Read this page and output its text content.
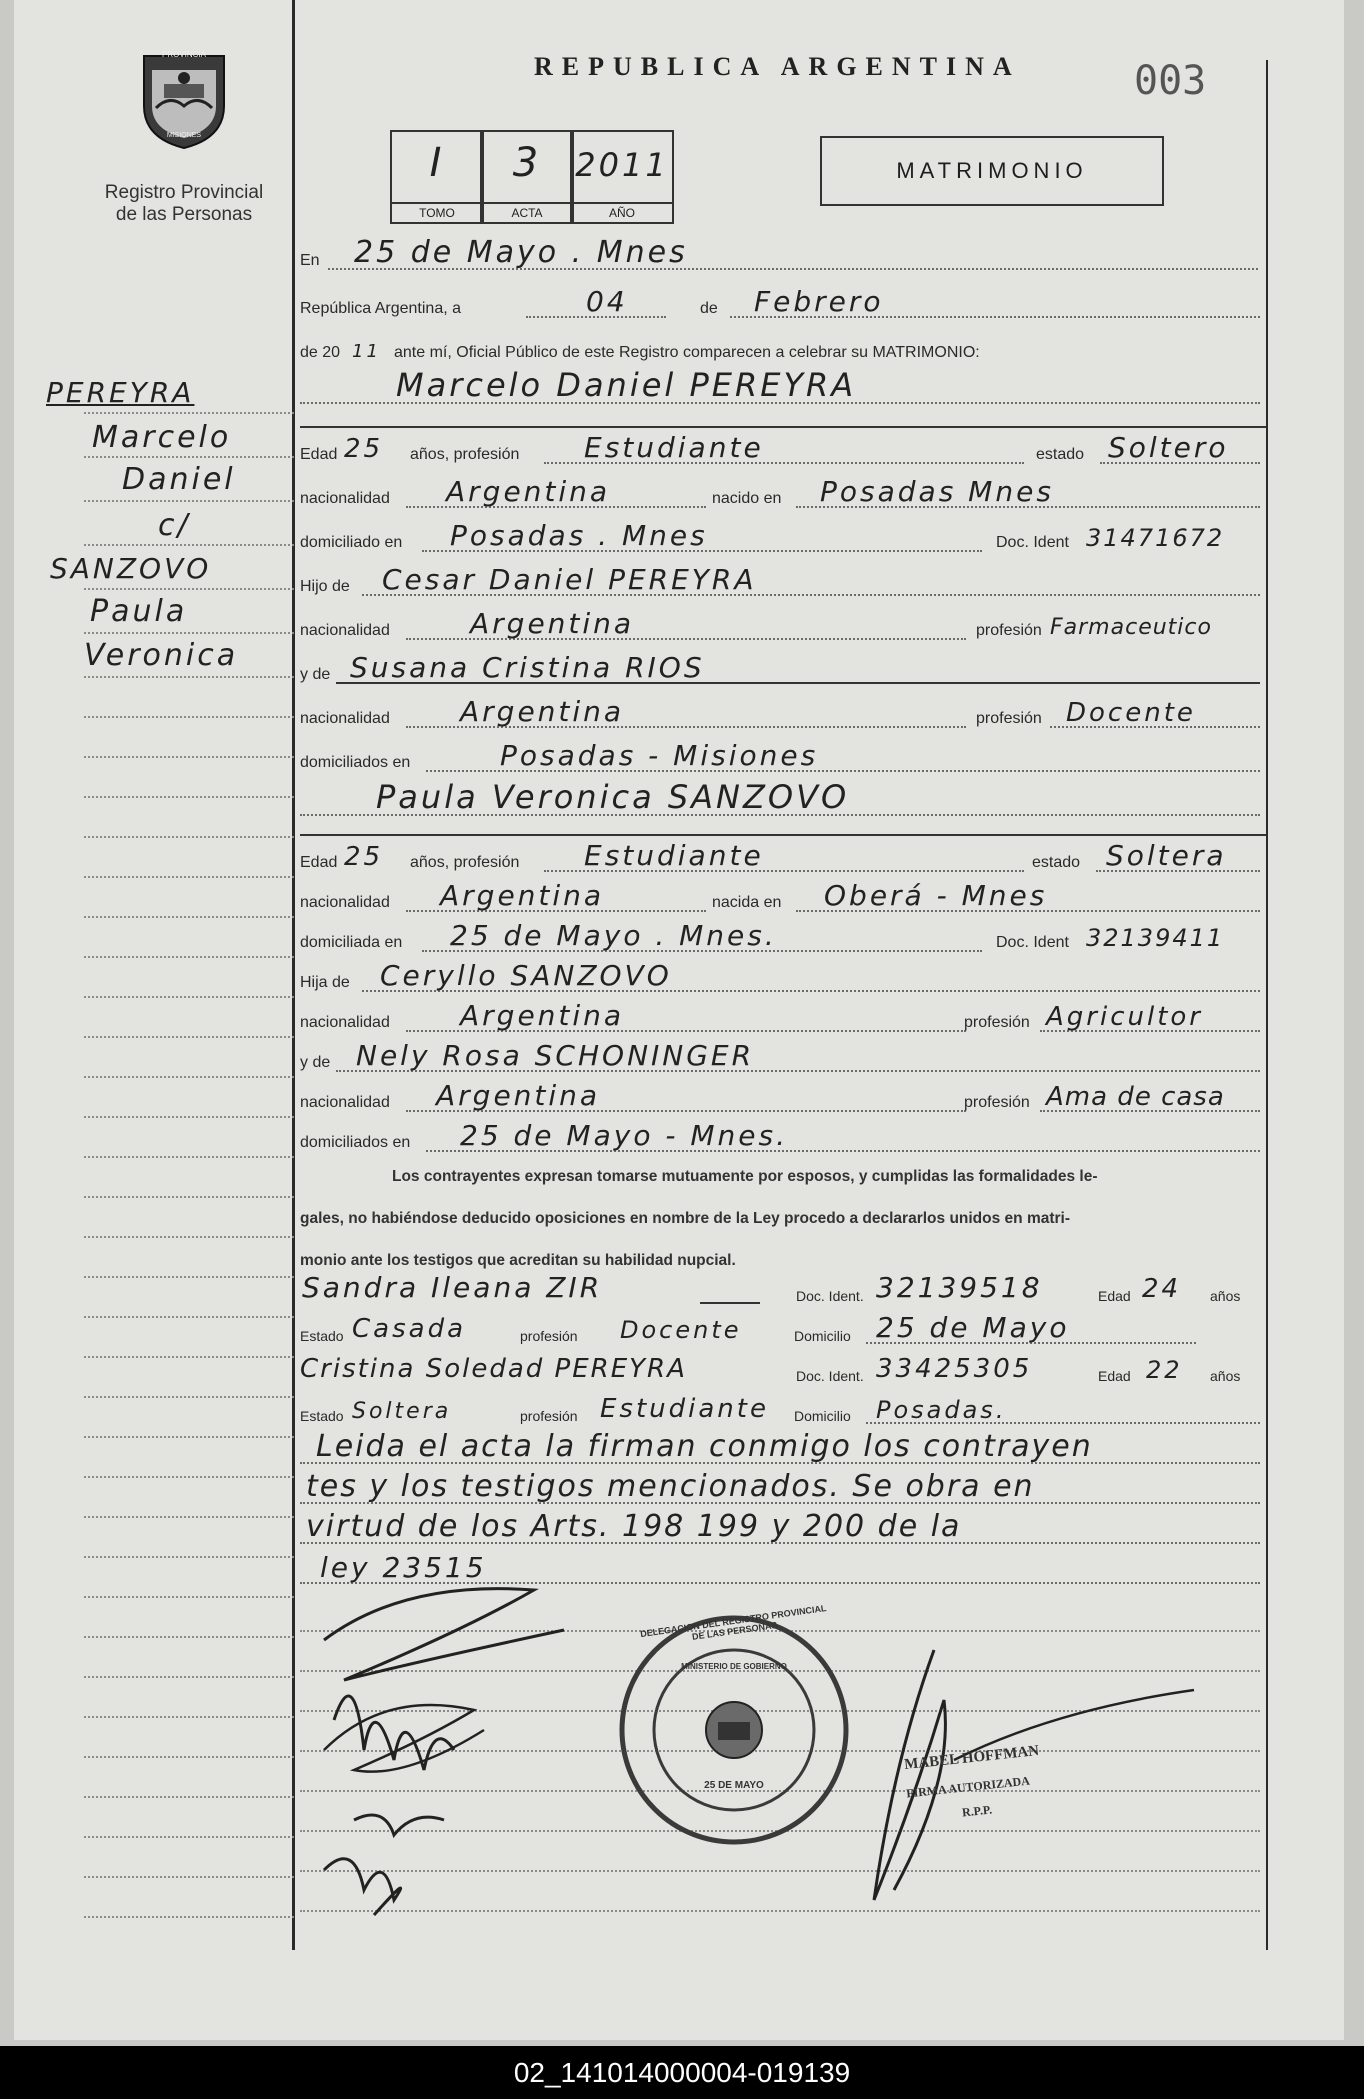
PROVINCIA
MISIONES
Registro Provincial
de las Personas
REPUBLICA ARGENTINA	003
I
TOMO
3
ACTA
2011
AÑO
MATRIMONIO
PEREYRA
Marcelo
Daniel
c/
SANZOVO
Paula
Veronica
En 25 de Mayo . Mnes
República Argentina, a	04	de Febrero
de 20 11 ante mí, Oficial Público de este Registro comparecen a celebrar su MATRIMONIO:
Marcelo Daniel PEREYRA
Edad 25 años, profesión Estudiante	estado Soltero
nacionalidad Argentina	nacido en Posadas Mnes
domiciliado en Posadas . Mnes	Doc. Ident 31471672
Hijo de Cesar Daniel PEREYRA
nacionalidad	Argentina	profesión Farmaceutico
y de Susana Cristina RIOS
nacionalidad	Argentina	profesión Docente
domiciliados en	Posadas - Misiones
Paula Veronica SANZOVO
Edad 25 años, profesión Estudiante	estado Soltera
nacionalidad Argentina	nacida en Oberá - Mnes
domiciliada en 25 de Mayo . Mnes.	Doc. Ident 32139411
Hija de Ceryllo SANZOVO
nacionalidad	Argentina	profesión Agricultor
y de Nely Rosa SCHONINGER
nacionalidad Argentina	profesión Ama de casa
domiciliados en 25 de Mayo - Mnes.
Los contrayentes expresan tomarse mutuamente por esposos, y cumplidas las formalidades le-
gales, no habiéndose deducido oposiciones en nombre de la Ley procedo a declararlos unidos en matri-
monio ante los testigos que acreditan su habilidad nupcial.
Sandra Ileana ZIR	Doc. Ident. 32139518	Edad 24 años
Estado Casada	profesión Docente	Domicilio 25 de Mayo
Cristina Soledad PEREYRA	Doc. Ident. 33425305	Edad 22 años
Estado Soltera	profesión Estudiante Domicilio Posadas.
Leida el acta la firman conmigo los contrayen
tes y los testigos mencionados. Se obra en
virtud de los Arts. 198 199 y 200 de la
ley 23515
DELEGACION DEL REGISTRO PROVINCIAL DE LAS PERSONAS
MINISTERIO DE GOBIERNO
25 DE MAYO
MABEL HOFFMAN
FIRMA AUTORIZADA
R.P.P.
02_141014000004-019139
